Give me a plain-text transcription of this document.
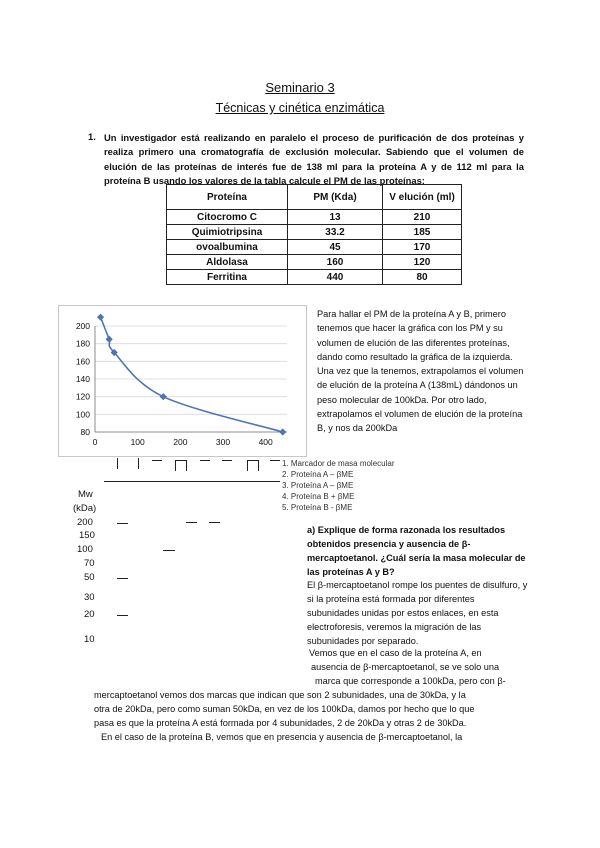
Seminario 3
Técnicas y cinética enzimática
1. Un investigador está realizando en paralelo el proceso de purificación de dos proteínas y realiza primero una cromatografía de exclusión molecular. Sabiendo que el volumen de elución de las proteínas de interés fue de 138 ml para la proteína A y de 112 ml para la proteína B usando los valores de la tabla calcule el PM de las proteínas:
Proteína	PM (Kda)	V elución (ml)
Citocromo C	13	210
Quimiotripsina	33.2	185
ovoalbumina	45	170
Aldolasa	160	120
Ferritina	440	80
80
100
120
140
160
180
200
0	100	200	300	400
Para hallar el PM de la proteína A y B, primero tenemos que hacer la gráfica con los PM y su volumen de elución de las diferentes proteínas, dando como resultado la gráfica de la izquierda. Una vez que la tenemos, extrapolamos el volumen de elución de la proteína A (138mL) dándonos un peso molecular de 100kDa. Por otro lado, extrapolamos el volumen de elución de la proteína B, y nos da 200kDa
Mw
(kDa)
200
150
100
70
50
30
20
10
1. Marcador de masa molecular
2. Proteína A – βME
3. Proteína A – βME
4. Proteína B + βME
5. Proteína B - βME
a) Explique de forma razonada los resultados obtenidos presencia y ausencia de β-mercaptoetanol. ¿Cuál sería la masa molecular de las proteínas A y B?
El β-mercaptoetanol rompe los puentes de disulfuro, y si la proteína está formada por diferentes subunidades unidas por estos enlaces, en esta electroforesis, veremos la migración de las subunidades por separado.
Vemos que en el caso de la proteína A, en
ausencia de β-mercaptoetanol, se ve solo una
marca que corresponde a 100kDa, pero con β-
mercaptoetanol vemos dos marcas que indican que son 2 subunidades, una de 30kDa, y la
otra de 20kDa, pero como suman 50kDa, en vez de los 100kDa, damos por hecho que lo que
pasa es que la proteína A está formada por 4 subunidades, 2 de 20kDa y otras 2 de 30kDa.
En el caso de la proteína B, vemos que en presencia y ausencia de β-mercaptoetanol, la
